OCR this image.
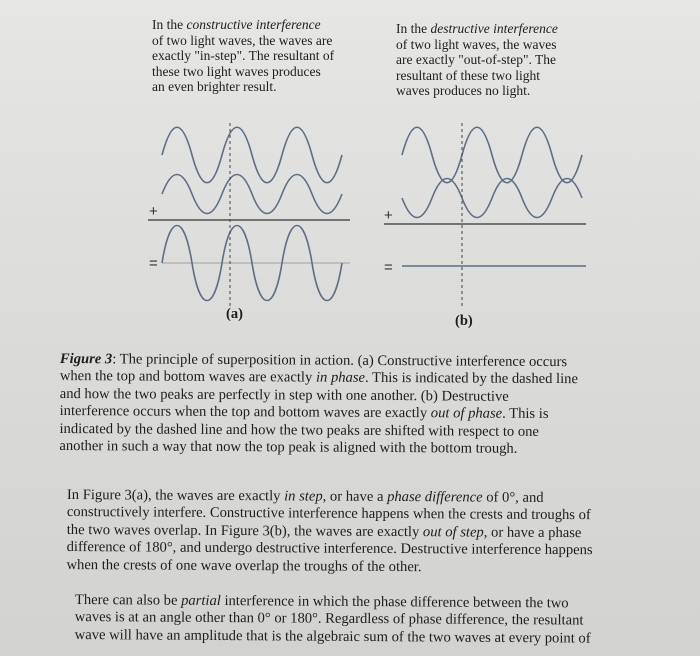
In the constructive interference

of two light waves, the waves are

exactly "in-step". The resultant of

these two light waves produces

an even brighter result.

In the destructive interference

of two light waves, the waves

are exactly "out-of-step". The

resultant of these two light

waves produces no light.

+
=
+
=
(a)	(b)

Figure 3: The principle of superposition in action. (a) Constructive interference occurs

when the top and bottom waves are exactly in phase. This is indicated by the dashed line

and how the two peaks are perfectly in step with one another. (b) Destructive

interference occurs when the top and bottom waves are exactly out of phase. This is

indicated by the dashed line and how the two peaks are shifted with respect to one

another in such a way that now the top peak is aligned with the bottom trough.

In Figure 3(a), the waves are exactly in step, or have a phase difference of 0°, and

constructively interfere. Constructive interference happens when the crests and troughs of

the two waves overlap. In Figure 3(b), the waves are exactly out of step, or have a phase

difference of 180°, and undergo destructive interference. Destructive interference happens

when the crests of one wave overlap the troughs of the other.

There can also be partial interference in which the phase difference between the two

waves is at an angle other than 0° or 180°. Regardless of phase difference, the resultant

wave will have an amplitude that is the algebraic sum of the two waves at every point of
